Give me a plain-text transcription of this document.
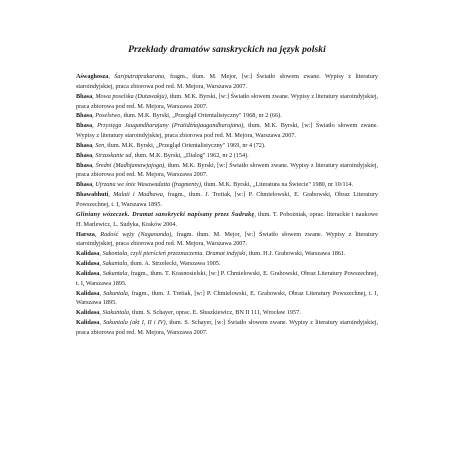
Przekłady dramatów sanskryckich na język polski
Aśwaghosza, Śariputraprakarana, fragm., tłum. M. Mejor, [w:] Światło słowem zwane. Wypisy z literatury staroindyjskiej, praca zbiorowa pod red. M. Mejora, Warszawa 2007.
Bhasa, Mowa poselska (Dutawakja), tłum. M.K. Byrski, [w:] Światło słowem zwane. Wypisy z literatury staroindyjskiej, praca zbiorowa pod red. M. Mejora, Warszawa 2007.
Bhasa, Poselstwo, tłum. M.K. Byrski, „Przegląd Orientalistyczny" 1968, nr 2 (66).
Bhasa, Przysięga Jaugandharajany (Pratidźńajaugandharajana), tłum. M.K. Byrski, [w:] Światło słowem zwane. Wypisy z literatury staroindyjskiej, praca zbiorowa pod red. M. Mejora, Warszawa 2007.
Bhasa, Sen, tłum. M.K. Byrski, „Przegląd Orientalistyczny" 1969, nr 4 (72).
Bhasa, Strzaskanie ud, tłum. M.K. Byrski, „Dialog" 1962, nr 2 (154).
Bhasa, Średni (Madhjamawjajoga), tłum. M.K. Byrski, [w:] Światło słowem zwane. Wypisy z literatury staroindyjskiej, praca zbiorowa pod red. M. Mejora, Warszawa 2007.
Bhasa, Ujrzana we śnie Wasawadatta (fragmenty), tłum. M.K. Byrski, „Literatura na Świecie" 1980, nr 10/114.
Bhawabhuti, Malati i Madhawa, fragm., tłum. J. Tretiak, [w:] P. Chmielowski, E. Grabowski, Obraz Literatury Powszechnej, t. I, Warszawa 1895.
Gliniany wózeczek. Dramat sanskrycki napisany przez Śudrakę, tłum. T. Pobożniak, oprac. literackie i naukowe H. Marlewicz, L. Sudyka, Kraków 2004.
Harsza, Radość węży (Nagananda), fragm. tłum. M. Mejor, [w:] Światło słowem zwane. Wypisy z literatury staroindyjskiej, praca zbiorowa pod red. M. Mejora, Warszawa 2007.
Kalidasa, Sakontala, czyli pierścień przeznaczenia. Dramat indyjski, tłum. H.J. Grabowski, Warszawa 1861.
Kalidasa, Sakuntala, tłum. A. Strzelecki, Warszawa 1905.
Kalidasa, Sakuntala, fragm., tłum. T. Krasnosielski, [w:] P. Chmielowski, E. Grabowski, Obraz Literatury Powszechnej, t. I, Warszawa 1895.
Kalidasa, Sakuntala, fragm., tłum. J. Tretiak, [w:] P. Chmielowski, E. Grabowski, Obraz Literatury Powszechnej, t. I, Warszawa 1895.
Kalidasa, Siakuntala, tłum. S. Schayer, oprac. E. Słuszkiewicz, BN II 111, Wrocław 1957.
Kalidasa, Sakuntala (akt I, II i IV), tłum. S. Schayer, [w:] Światło słowem zwane. Wypisy z literatury staroindyjskiej, praca zbiorowa pod red. M. Mejora, Warszawa 2007.
